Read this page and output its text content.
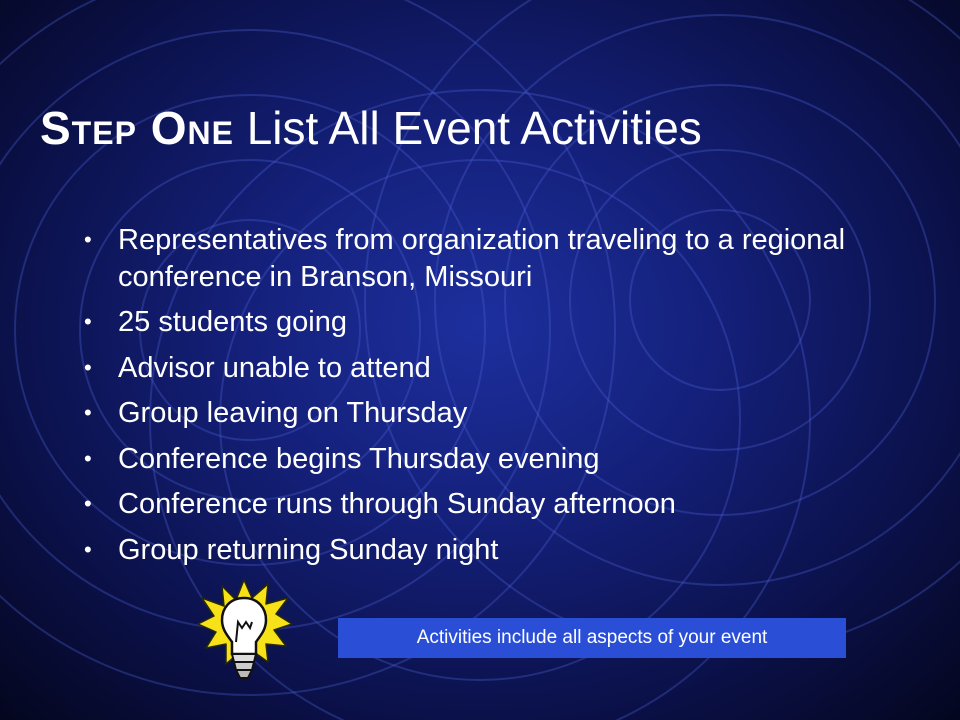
Step One List All Event Activities
• Representatives from organization traveling to a regional conference in Branson, Missouri
• 25 students going
• Advisor unable to attend
• Group leaving on Thursday
• Conference begins Thursday evening
• Conference runs through Sunday afternoon
• Group returning Sunday night
Activities include all aspects of your event
